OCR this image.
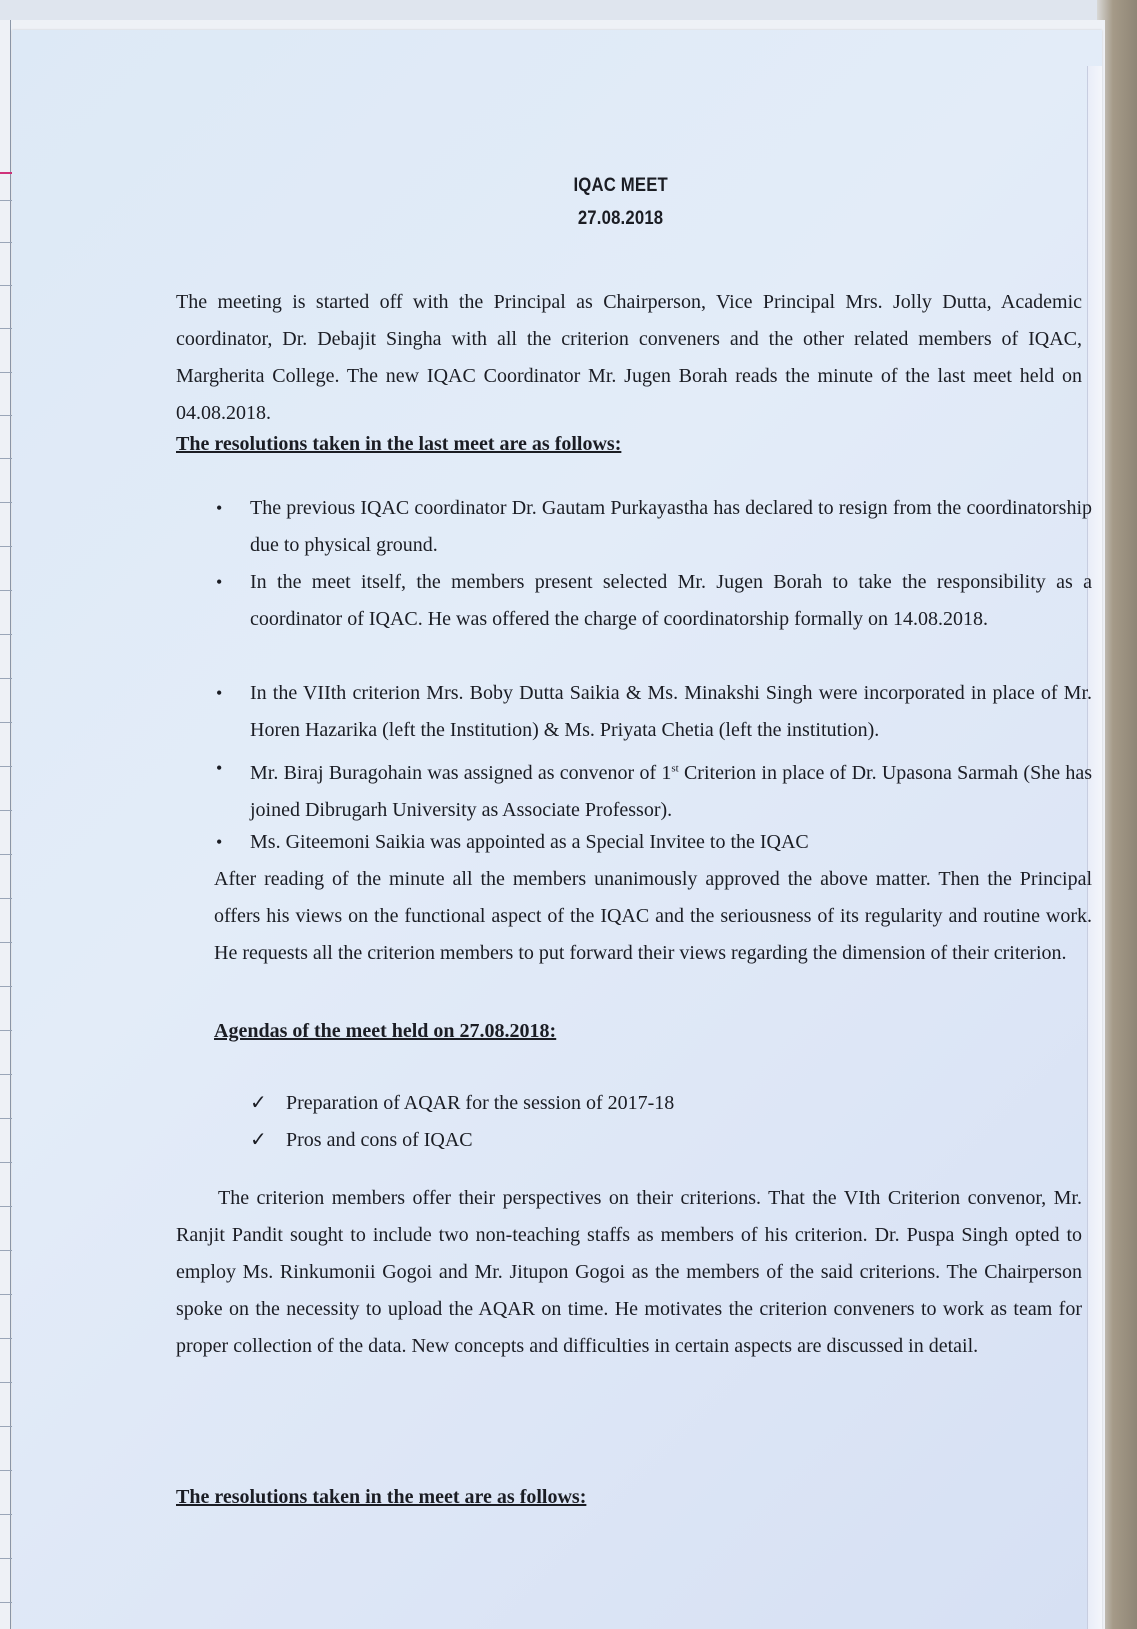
IQAC MEET
27.08.2018
The meeting is started off with the Principal as Chairperson, Vice Principal Mrs. Jolly Dutta, Academic coordinator, Dr. Debajit Singha with all the criterion conveners and the other related members of IQAC, Margherita College. The new IQAC Coordinator Mr. Jugen Borah reads the minute of the last meet held on 04.08.2018.
The resolutions taken in the last meet are as follows:
• The previous IQAC coordinator Dr. Gautam Purkayastha has declared to resign from the coordinatorship due to physical ground.
• In the meet itself, the members present selected Mr. Jugen Borah to take the responsibility as a coordinator of IQAC. He was offered the charge of coordinatorship formally on 14.08.2018.
• In the VIIth criterion Mrs. Boby Dutta Saikia & Ms. Minakshi Singh were incorporated in place of Mr. Horen Hazarika (left the Institution) & Ms. Priyata Chetia (left the institution).
• Mr. Biraj Buragohain was assigned as convenor of 1st Criterion in place of Dr. Upasona Sarmah (She has joined Dibrugarh University as Associate Professor).
• Ms. Giteemoni Saikia was appointed as a Special Invitee to the IQAC
After reading of the minute all the members unanimously approved the above matter. Then the Principal offers his views on the functional aspect of the IQAC and the seriousness of its regularity and routine work. He requests all the criterion members to put forward their views regarding the dimension of their criterion.
Agendas of the meet held on 27.08.2018:
✓ Preparation of AQAR for the session of 2017-18
✓ Pros and cons of IQAC
The criterion members offer their perspectives on their criterions. That the VIth Criterion convenor, Mr. Ranjit Pandit sought to include two non-teaching staffs as members of his criterion. Dr. Puspa Singh opted to employ Ms. Rinkumonii Gogoi and Mr. Jitupon Gogoi as the members of the said criterions. The Chairperson spoke on the necessity to upload the AQAR on time. He motivates the criterion conveners to work as team for proper collection of the data. New concepts and difficulties in certain aspects are discussed in detail.
The resolutions taken in the meet are as follows:
